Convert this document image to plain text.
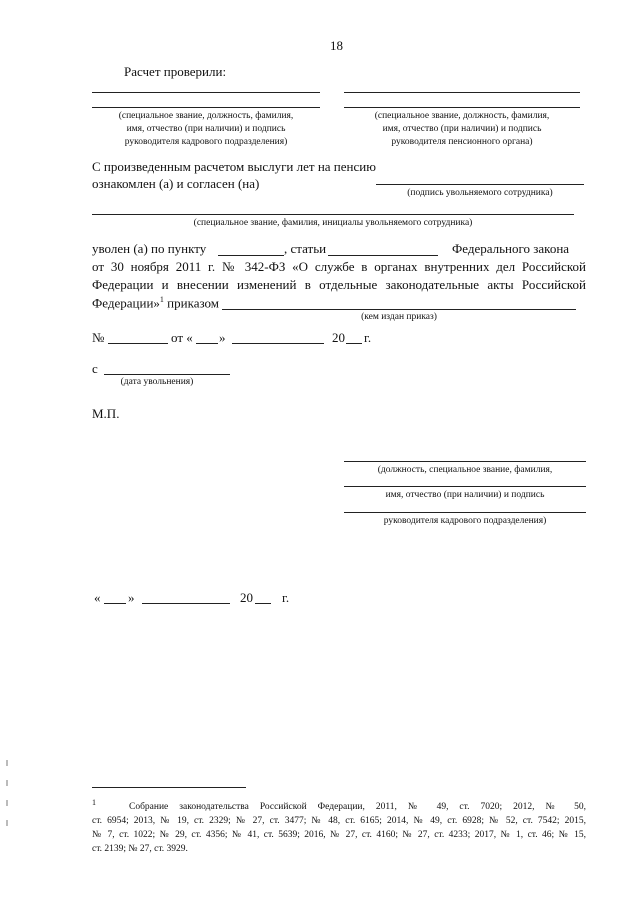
18
Расчет проверили:
(специальное звание, должность, фамилия,
имя, отчество (при наличии) и подпись
руководителя кадрового подразделения)
(специальное звание, должность, фамилия,
имя, отчество (при наличии) и подпись
руководителя пенсионного органа)
С произведенным расчетом выслуги лет на пенсию
ознакомлен (а) и согласен (на)
(подпись увольняемого сотрудника)
(специальное звание, фамилия, инициалы увольняемого сотрудника)
уволен (а) по пункту	, статьи	Федерального закона
от 30 ноября 2011 г. № 342-ФЗ «О службе в органах внутренних дел Российской
Федерации и внесении изменений в отдельные законодательные акты Российской
Федерации»$^1$ приказом
(кем издан приказ)
№	от « »	20 г.
с
(дата увольнения)
М.П.
(должность, специальное звание, фамилия,
имя, отчество (при наличии) и подпись
руководителя кадрового подразделения)
« »	20 г.
$^1$	Собрание законодательства Российской Федерации, 2011, № 49, ст. 7020; 2012, № 50,
ст. 6954; 2013, № 19, ст. 2329; № 27, ст. 3477; № 48, ст. 6165; 2014, № 49, ст. 6928; № 52, ст. 7542; 2015,
№ 7, ст. 1022; № 29, ст. 4356; № 41, ст. 5639; 2016, № 27, ст. 4160; № 27, ст. 4233; 2017, № 1, ст. 46; № 15,
ст. 2139; № 27, ст. 3929.
